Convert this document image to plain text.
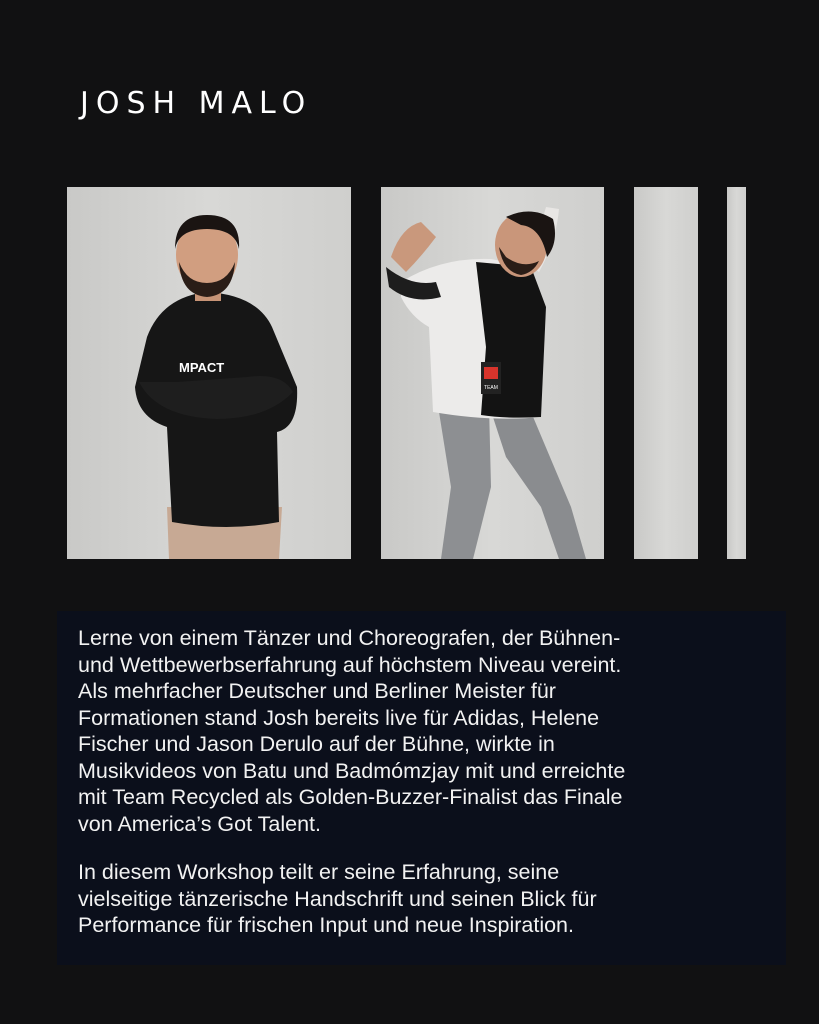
JOSH MALO
MPACT
TEAM

Lerne von einem Tänzer und Choreografen, der Bühnen-
und Wettbewerbserfahrung auf höchstem Niveau vereint.
Als mehrfacher Deutscher und Berliner Meister für
Formationen stand Josh bereits live für Adidas, Helene
Fischer und Jason Derulo auf der Bühne, wirkte in
Musikvideos von Batu und Badmómzjay mit und erreichte
mit Team Recycled als Golden-Buzzer-Finalist das Finale
von America’s Got Talent.

In diesem Workshop teilt er seine Erfahrung, seine
vielseitige tänzerische Handschrift und seinen Blick für
Performance für frischen Input und neue Inspiration.
